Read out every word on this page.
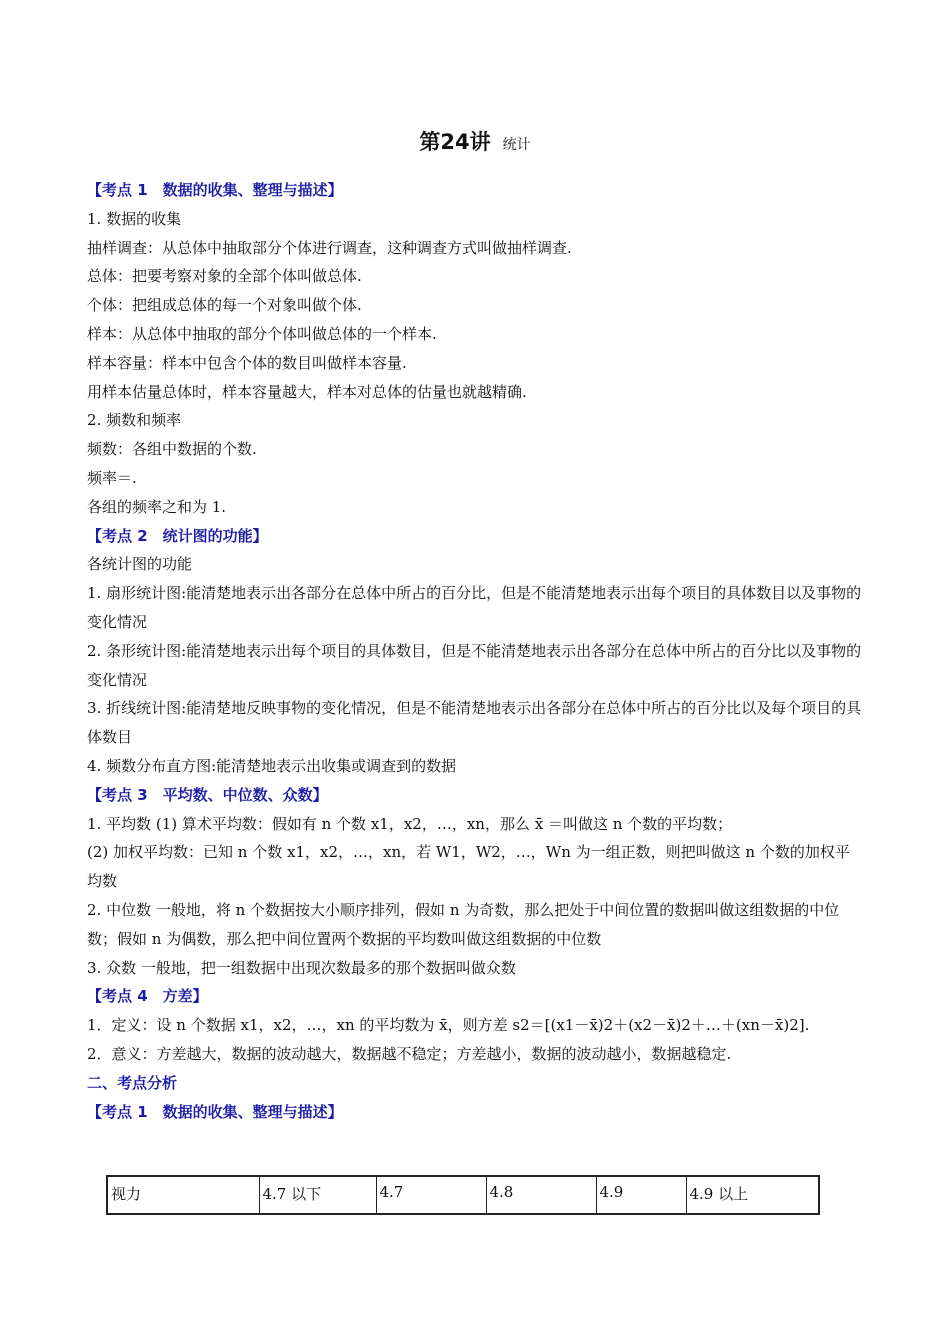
第24讲 统计
【考点 1　数据的收集、整理与描述】
1. 数据的收集
抽样调查：从总体中抽取部分个体进行调查，这种调查方式叫做抽样调查.
总体：把要考察对象的全部个体叫做总体.
个体：把组成总体的每一个对象叫做个体.
样本：从总体中抽取的部分个体叫做总体的一个样本.
样本容量：样本中包含个体的数目叫做样本容量.
用样本估量总体时，样本容量越大，样本对总体的估量也就越精确.
2. 频数和频率
频数：各组中数据的个数.
频率＝.
各组的频率之和为 1.
【考点 2　统计图的功能】
各统计图的功能
1. 扇形统计图:能清楚地表示出各部分在总体中所占的百分比，但是不能清楚地表示出每个项目的具体数目以及事物的变化情况
2. 条形统计图:能清楚地表示出每个项目的具体数目，但是不能清楚地表示出各部分在总体中所占的百分比以及事物的变化情况
3. 折线统计图:能清楚地反映事物的变化情况，但是不能清楚地表示出各部分在总体中所占的百分比以及每个项目的具体数目
4. 频数分布直方图:能清楚地表示出收集或调查到的数据
【考点 3　平均数、中位数、众数】
1. 平均数 (1) 算术平均数：假如有 n 个数 x1，x2，…，xn，那么 x̄ ＝叫做这 n 个数的平均数；
(2) 加权平均数：已知 n 个数 x1，x2，…，xn，若 W1，W2，…，Wn 为一组正数，则把叫做这 n 个数的加权平均数
2. 中位数 一般地，将 n 个数据按大小顺序排列，假如 n 为奇数，那么把处于中间位置的数据叫做这组数据的中位数；假如 n 为偶数，那么把中间位置两个数据的平均数叫做这组数据的中位数
3. 众数 一般地，把一组数据中出现次数最多的那个数据叫做众数
【考点 4　方差】
1．定义：设 n 个数据 x1，x2，…，xn 的平均数为 x̄，则方差 s2＝[(x1－x̄)2＋(x2－x̄)2＋…＋(xn－x̄)2].
2．意义：方差越大，数据的波动越大，数据越不稳定；方差越小，数据的波动越小，数据越稳定.
二、考点分析
【考点 1　数据的收集、整理与描述】
视力	4.7 以下	4.7	4.8	4.9	4.9 以上
